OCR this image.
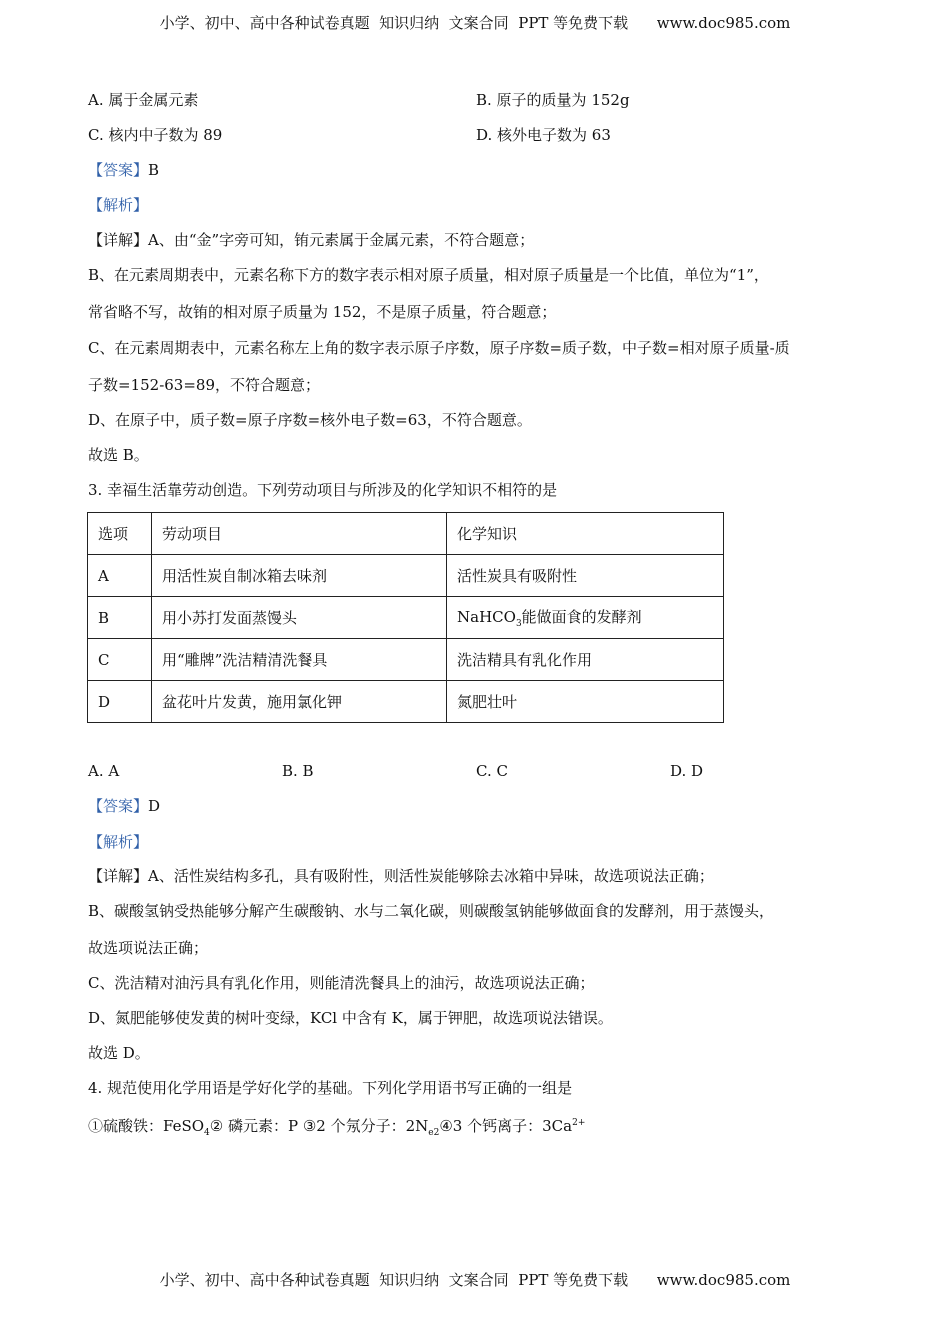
小学、初中、高中各种试卷真题  知识归纳  文案合同  PPT 等免费下载      www.doc985.com
A. 属于金属元素	B. 原子的质量为 152g
C. 核内中子数为 89	D. 核外电子数为 63
【答案】B
【解析】
【详解】A、由“金”字旁可知，铕元素属于金属元素，不符合题意；
B、在元素周期表中，元素名称下方的数字表示相对原子质量，相对原子质量是一个比值，单位为“1”，
常省略不写，故铕的相对原子质量为 152，不是原子质量，符合题意；
C、在元素周期表中，元素名称左上角的数字表示原子序数，原子序数=质子数，中子数=相对原子质量-质
子数=152-63=89，不符合题意；
D、在原子中，质子数=原子序数=核外电子数=63，不符合题意。
故选 B。
3. 幸福生活靠劳动创造。下列劳动项目与所涉及的化学知识不相符的是
选项	劳动项目	化学知识
A	用活性炭自制冰箱去味剂	活性炭具有吸附性
B	用小苏打发面蒸馒头	NaHCO$_3$能做面食的发酵剂
C	用“雕牌”洗洁精清洗餐具	洗洁精具有乳化作用
D	盆花叶片发黄，施用氯化钾	氮肥壮叶
A. A	B. B	C. C	D. D
【答案】D
【解析】
【详解】A、活性炭结构多孔，具有吸附性，则活性炭能够除去冰箱中异味，故选项说法正确；
B、碳酸氢钠受热能够分解产生碳酸钠、水与二氧化碳，则碳酸氢钠能够做面食的发酵剂，用于蒸馒头，
故选项说法正确；
C、洗洁精对油污具有乳化作用，则能清洗餐具上的油污，故选项说法正确；
D、氮肥能够使发黄的树叶变绿，KCl 中含有 K，属于钾肥，故选项说法错误。
故选 D。
4. 规范使用化学用语是学好化学的基础。下列化学用语书写正确的一组是
①硫酸铁：FeSO$_4$② 磷元素：P ③2 个氖分子：$2N_{e2}④3$ 个钙离子：$3Ca^{2+}$
小学、初中、高中各种试卷真题  知识归纳  文案合同  PPT 等免费下载      www.doc985.com
